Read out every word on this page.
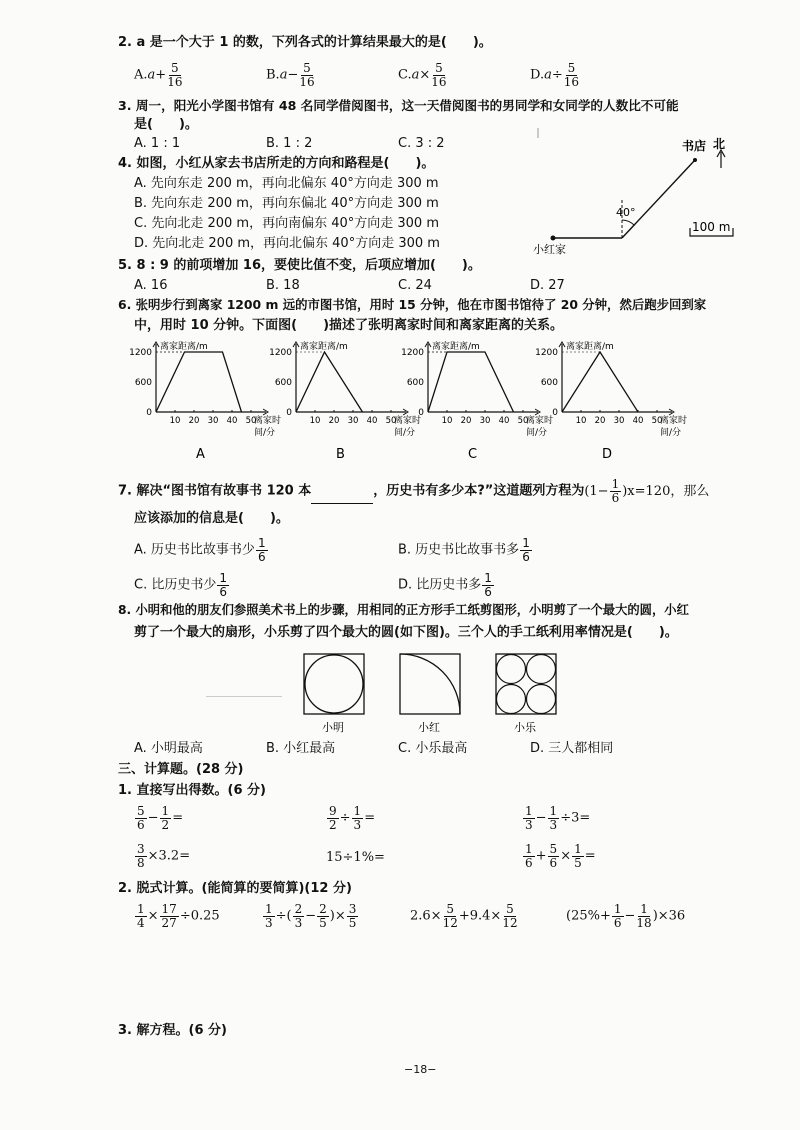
2. a 是一个大于 1 的数，下列各式的计算结果最大的是(　　)。
$A.a+ \frac{5}{16}$	$B.a- \frac{5}{16}$	$C.a\times \frac{5}{16}$	$D.a\div \frac{5}{16}$
3. 周一，阳光小学图书馆有 48 名同学借阅图书，这一天借阅图书的男同学和女同学的人数比不可能
是(　　)。
A. 1 : 1	B. 1 : 2	C. 3 : 2
4. 如图，小红从家去书店所走的方向和路程是(　　)。
A. 先向东走 200 m，再向北偏东 40°方向走 300 m
B. 先向东走 200 m，再向东偏北 40°方向走 300 m
C. 先向北走 200 m，再向南偏东 40°方向走 300 m
D. 先向北走 200 m，再向北偏东 40°方向走 300 m
40°
书店 北
小红家
100 m
5. 8 : 9 的前项增加 16，要使比值不变，后项应增加(　　)。
A. 16	B. 18	C. 24	D. 27
6. 张明步行到离家 1200 m 远的市图书馆，用时 15 分钟，他在市图书馆待了 20 分钟，然后跑步回到家
中，用时 10 分钟。下面图(　　)描述了张明离家时间和离家距离的关系。
离家距离/m
1200
600
0
10 20 30 40 50
离家时
间/分
A
离家距离/m
1200
600
0
10 20 30 40 50
离家时
间/分
B
离家距离/m
1200
600
0
10 20 30 40 50
离家时
间/分
C
离家距离/m
1200
600
0
10 20 30 40 50
离家时
间/分
D
7. 解决“图书馆有故事书 120 本	，历史书有多少本?”这道题列方程为$(1- \frac{1}{6} )x=120$，那么
应该添加的信息是(　　)。
A. 历史书比故事书少 $\frac{1}{6}$	B. 历史书比故事书多 $\frac{1}{6}$
C. 比历史书少 $\frac{1}{6}$	D. 比历史书多 $\frac{1}{6}$
8. 小明和他的朋友们参照美术书上的步骤，用相同的正方形手工纸剪图形，小明剪了一个最大的圆，小红
剪了一个最大的扇形，小乐剪了四个最大的圆(如下图)。三个人的手工纸利用率情况是(　　)。
小明	小红	小乐
A. 小明最高	B. 小红最高	C. 小乐最高	D. 三人都相同
三、计算题。(28 分)
1. 直接写出得数。(6 分)
$\frac{5}{6} - \frac{1}{2}$ =	$\frac{9}{2} \div \frac{1}{3}$ =	$\frac{1}{3} - \frac{1}{3} \div 3=$
$\frac{3}{8} \times 3.2=$	15÷1%=	$\frac{1}{6} + \frac{5}{6} \times \frac{1}{5}$ =
2. 脱式计算。(能简算的要简算)(12 分)
$\frac{1}{4} \times \frac{17}{27} \div 0.25$	$\frac{1}{3}$ ÷( $\frac{2}{3} - \frac{2}{5}$ )× $\frac{3}{5}$	$2.6\times \frac{5}{12} +9.4\times \frac{5}{12}$	$(25\%+ \frac{1}{6} - \frac{1}{18} )\times 36$
3. 解方程。(6 分)
−18−
